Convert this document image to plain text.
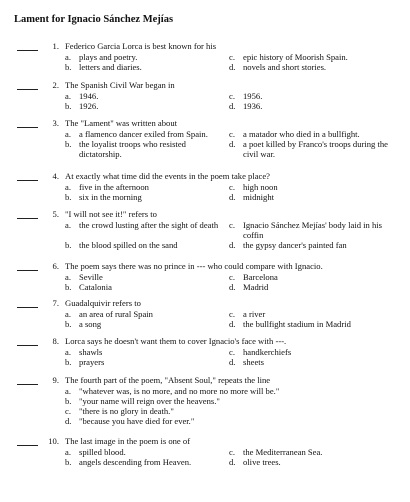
Lament for Ignacio Sánchez Mejías
1. Federico Garcia Lorca is best known for his
a. plays and poetry.
b. letters and diaries.
c. epic history of Moorish Spain.
d. novels and short stories.
2. The Spanish Civil War began in
a. 1946.
b. 1926.
c. 1956.
d. 1936.
3. The "Lament" was written about
a. a flamenco dancer exiled from Spain.
b. the loyalist troops who resisted dictatorship.
c. a matador who died in a bullfight.
d. a poet killed by Franco's troops during the civil war.
4. At exactly what time did the events in the poem take place?
a. five in the afternoon
b. six in the morning
c. high noon
d. midnight
5. "I will not see it!" refers to
a. the crowd lusting after the sight of death
b. the blood spilled on the sand
c. Ignacio Sánchez Mejías' body laid in his coffin
d. the gypsy dancer's painted fan
6. The poem says there was no prince in --- who could compare with Ignacio.
a. Seville
b. Catalonia
c. Barcelona
d. Madrid
7. Guadalquivir refers to
a. an area of rural Spain
b. a song
c. a river
d. the bullfight stadium in Madrid
8. Lorca says he doesn't want them to cover Ignacio's face with ---.
a. shawls
b. prayers
c. handkerchiefs
d. sheets
9. The fourth part of the poem, "Absent Soul," repeats the line
a. "whatever was, is no more, and no more no more will be."
b. "your name will reign over the heavens."
c. "there is no glory in death."
d. "because you have died for ever."
10. The last image in the poem is one of
a. spilled blood.
b. angels descending from Heaven.
c. the Mediterranean Sea.
d. olive trees.
